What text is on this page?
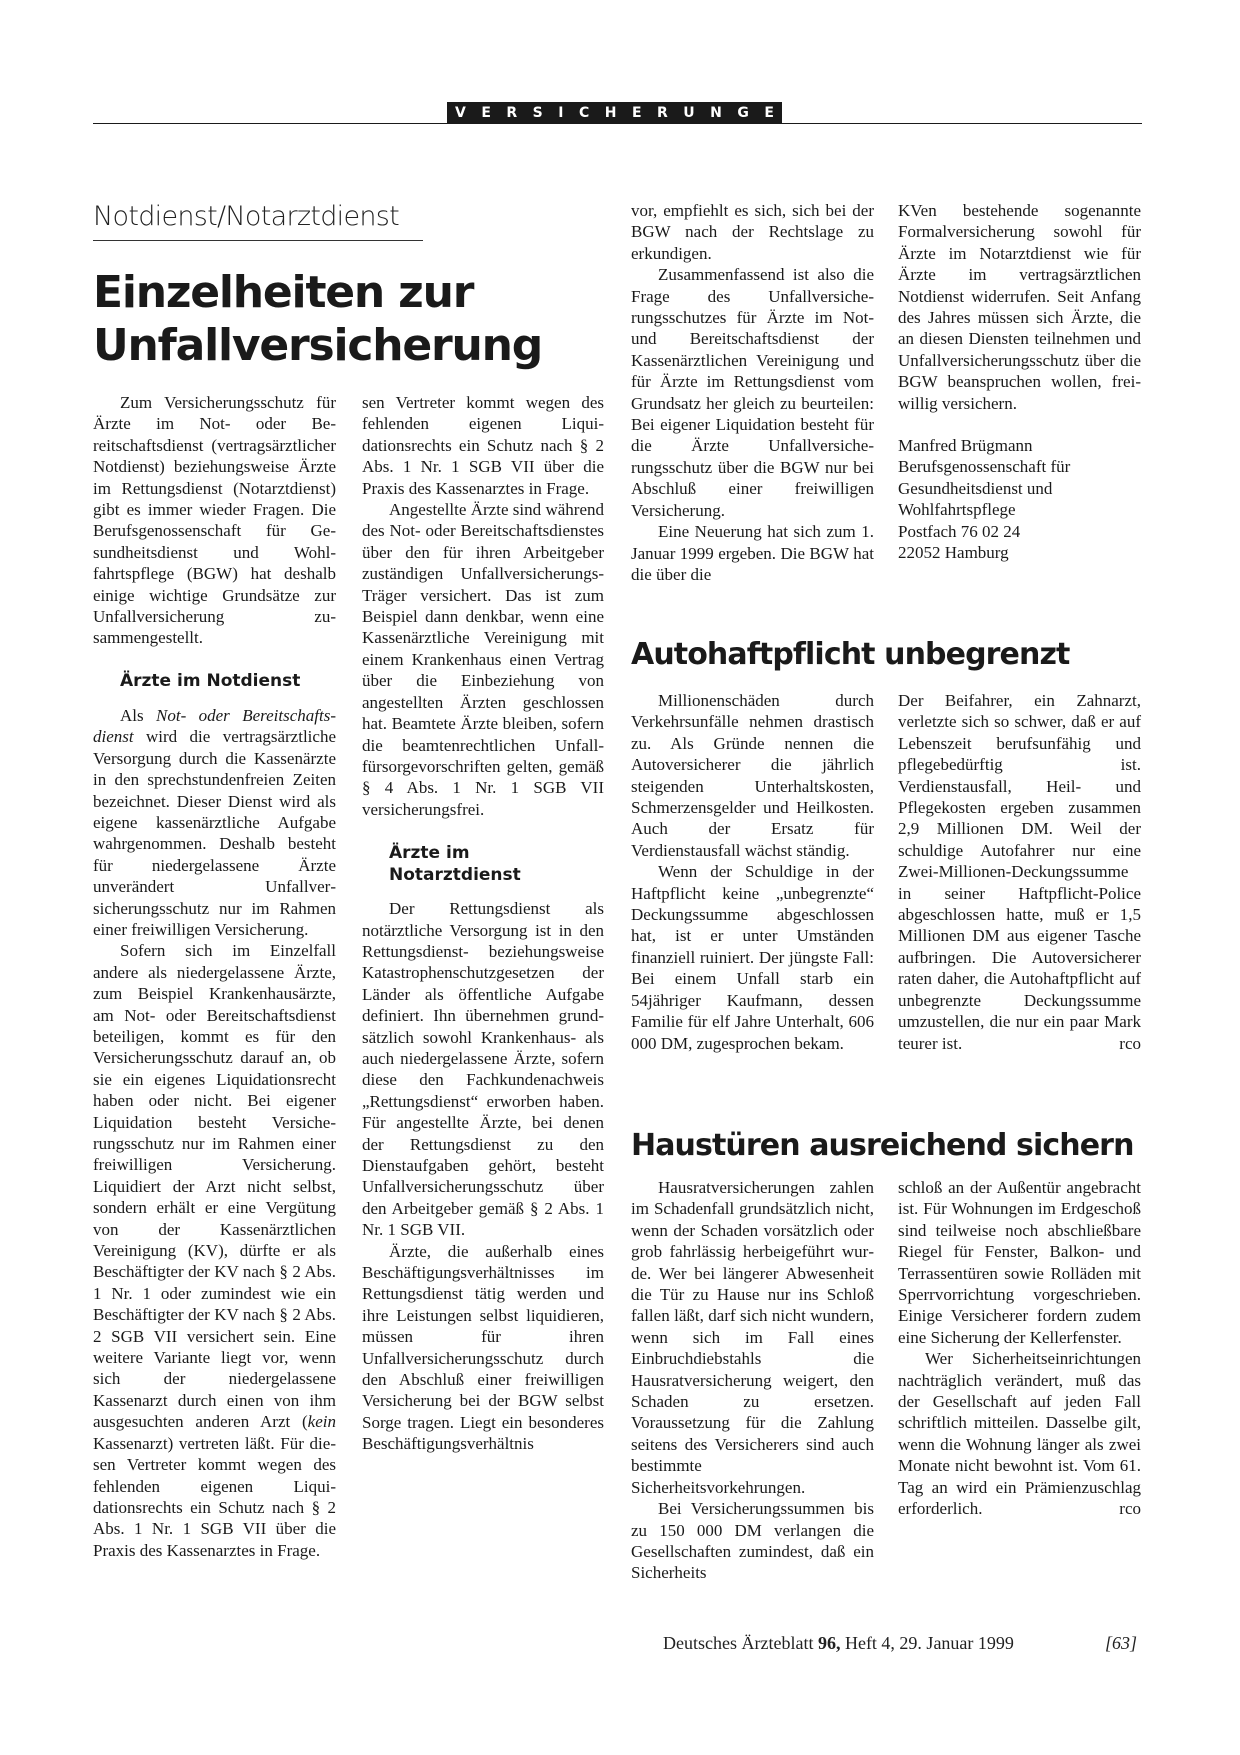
VERSICHERUNGEN
Notdienst/Notarztdienst
Einzelheiten zur Unfallversicherung

Zum Versicherungsschutz für Ärzte im Not- oder Bereitschaftsdienst (vertragsärztlicher Notdienst) beziehungsweise Ärzte im Rettungsdienst (Notarztdienst) gibt es immer wieder Fragen. Die Berufsgenossenschaft für Gesundheitsdienst und Wohlfahrtspflege (BGW) hat deshalb einige wichtige Grundsätze zur Unfallversicherung zusammengestellt.

Ärzte im Notdienst

Als Not- oder Bereitschaftsdienst wird die vertragsärztliche Versorgung durch die Kassenärzte in den sprechstundenfreien Zeiten bezeichnet. Dieser Dienst wird als eigene kassenärztliche Aufgabe wahrgenommen. Deshalb besteht für niedergelassene Ärzte unverändert Unfallversicherungsschutz nur im Rahmen einer freiwilligen Versicherung.

Sofern sich im Einzelfall andere als niedergelassene Ärzte, zum Beispiel Krankenhausärzte, am Not- oder Bereitschaftsdienst beteiligen, kommt es für den Versicherungsschutz darauf an, ob sie ein eigenes Liquidationsrecht haben oder nicht. Bei eigener Liquidation besteht Versicherungsschutz nur im Rahmen einer freiwilligen Versicherung. Liquidiert der Arzt nicht selbst, sondern erhält er eine Vergütung von der Kassenärztlichen Vereinigung (KV), dürfte er als Beschäftigter der KV nach § 2 Abs. 1 Nr. 1 oder zumindest wie ein Beschäftigter der KV nach § 2 Abs. 2 SGB VII versichert sein. Eine weitere Variante liegt vor, wenn sich der niedergelassene Kassenarzt durch einen von ihm ausgesuchten anderen Arzt (kein Kassenarzt) vertreten läßt. Für diesen Vertreter kommt wegen des fehlenden eigenen Liquidationsrechts ein Schutz nach § 2 Abs. 1 Nr. 1 SGB VII über die Praxis des Kassenarztes in Frage.

sen Vertreter kommt wegen des fehlenden eigenen Liquidationsrechts ein Schutz nach § 2 Abs. 1 Nr. 1 SGB VII über die Praxis des Kassenarztes in Frage.

Angestellte Ärzte sind während des Not- oder Bereitschaftsdienstes über den für ihren Arbeitgeber zuständigen Unfallversicherungs-Träger versichert. Das ist zum Beispiel dann denkbar, wenn eine Kassenärztliche Vereinigung mit einem Krankenhaus einen Vertrag über die Einbeziehung von angestellten Ärzten geschlossen hat. Beamtete Ärzte bleiben, sofern die beamtenrechtlichen Unfallfürsorgevorschriften gelten, gemäß § 4 Abs. 1 Nr. 1 SGB VII versicherungsfrei.

Ärzte im Notarztdienst

Der Rettungsdienst als notärztliche Versorgung ist in den Rettungsdienst- beziehungsweise Katastrophenschutzgesetzen der Länder als öffentliche Aufgabe definiert. Ihn übernehmen grundsätzlich sowohl Krankenhaus- als auch niedergelassene Ärzte, sofern diese den Fachkundenachweis „Rettungsdienst“ erworben haben. Für angestellte Ärzte, bei denen der Rettungsdienst zu den Dienstaufgaben gehört, besteht Unfallversicherungsschutz über den Arbeitgeber gemäß § 2 Abs. 1 Nr. 1 SGB VII.

Ärzte, die außerhalb eines Beschäftigungsverhältnisses im Rettungsdienst tätig werden und ihre Leistungen selbst liquidieren, müssen für ihren Unfallversicherungsschutz durch den Abschluß einer freiwilligen Versicherung bei der BGW selbst Sorge tragen. Liegt ein besonderes Beschäftigungsverhältnis

vor, empfiehlt es sich, sich bei der BGW nach der Rechtslage zu erkundigen.

Zusammenfassend ist also die Frage des Unfallversicherungsschutzes für Ärzte im Not- und Bereitschaftsdienst der Kassenärztlichen Vereinigung und für Ärzte im Rettungsdienst vom Grundsatz her gleich zu beurteilen: Bei eigener Liquidation besteht für die Ärzte Unfallversicherungsschutz über die BGW nur bei Abschluß einer freiwilligen Versicherung.

Eine Neuerung hat sich zum 1. Januar 1999 ergeben. Die BGW hat die über die

KVen bestehende sogenannte Formalversicherung sowohl für Ärzte im Notarztdienst wie für Ärzte im vertragsärztlichen Notdienst widerrufen. Seit Anfang des Jahres müssen sich Ärzte, die an diesen Diensten teilnehmen und Unfallversicherungsschutz über die BGW beanspruchen wollen, freiwillig versichern.

Manfred Brügmann
Berufsgenossenschaft für
Gesundheitsdienst und
Wohlfahrtspflege
Postfach 76 02 24
22052 Hamburg
Autohaftpflicht unbegrenzt

Millionenschäden durch Verkehrsunfälle nehmen drastisch zu. Als Gründe nennen die Autoversicherer die jährlich steigenden Unterhaltskosten, Schmerzensgelder und Heilkosten. Auch der Ersatz für Verdienstausfall wächst ständig.

Wenn der Schuldige in der Haftpflicht keine „unbegrenzte“ Deckungssumme abgeschlossen hat, ist er unter Umständen finanziell ruiniert. Der jüngste Fall: Bei einem Unfall starb ein 54jähriger Kaufmann, dessen Familie für elf Jahre Unterhalt, 606 000 DM, zugesprochen bekam.

Der Beifahrer, ein Zahnarzt, verletzte sich so schwer, daß er auf Lebenszeit berufsunfähig und pflegebedürftig ist. Verdienstausfall, Heil- und Pflegekosten ergeben zusammen 2,9 Millionen DM. Weil der schuldige Autofahrer nur eine Zwei-Millionen-Deckungssumme in seiner Haftpflicht-Police abgeschlossen hatte, muß er 1,5 Millionen DM aus eigener Tasche aufbringen. Die Autoversicherer raten daher, die Autohaftpflicht auf unbegrenzte Deckungssumme umzustellen, die nur ein paar Mark teurer ist.	rco

Haustüren ausreichend sichern

Hausratversicherungen zahlen im Schadenfall grundsätzlich nicht, wenn der Schaden vorsätzlich oder grob fahrlässig herbeigeführt wurde. Wer bei längerer Abwesenheit die Tür zu Hause nur ins Schloß fallen läßt, darf sich nicht wundern, wenn sich im Fall eines Einbruchdiebstahls die Hausratversicherung weigert, den Schaden zu ersetzen. Voraussetzung für die Zahlung seitens des Versicherers sind auch bestimmte Sicherheitsvorkehrungen.

Bei Versicherungssummen bis zu 150 000 DM verlangen die Gesellschaften zumindest, daß ein Sicherheits

schloß an der Außentür angebracht ist. Für Wohnungen im Erdgeschoß sind teilweise noch abschließbare Riegel für Fenster, Balkon- und Terrassentüren sowie Rolläden mit Sperrvorrichtung vorgeschrieben. Einige Versicherer fordern zudem eine Sicherung der Kellerfenster.

Wer Sicherheitseinrichtungen nachträglich verändert, muß das der Gesellschaft auf jeden Fall schriftlich mitteilen. Dasselbe gilt, wenn die Wohnung länger als zwei Monate nicht bewohnt ist. Vom 61. Tag an wird ein Prämienzuschlag erforderlich.	rco

Deutsches Ärzteblatt 96, Heft 4, 29. Januar 1999	[63]
